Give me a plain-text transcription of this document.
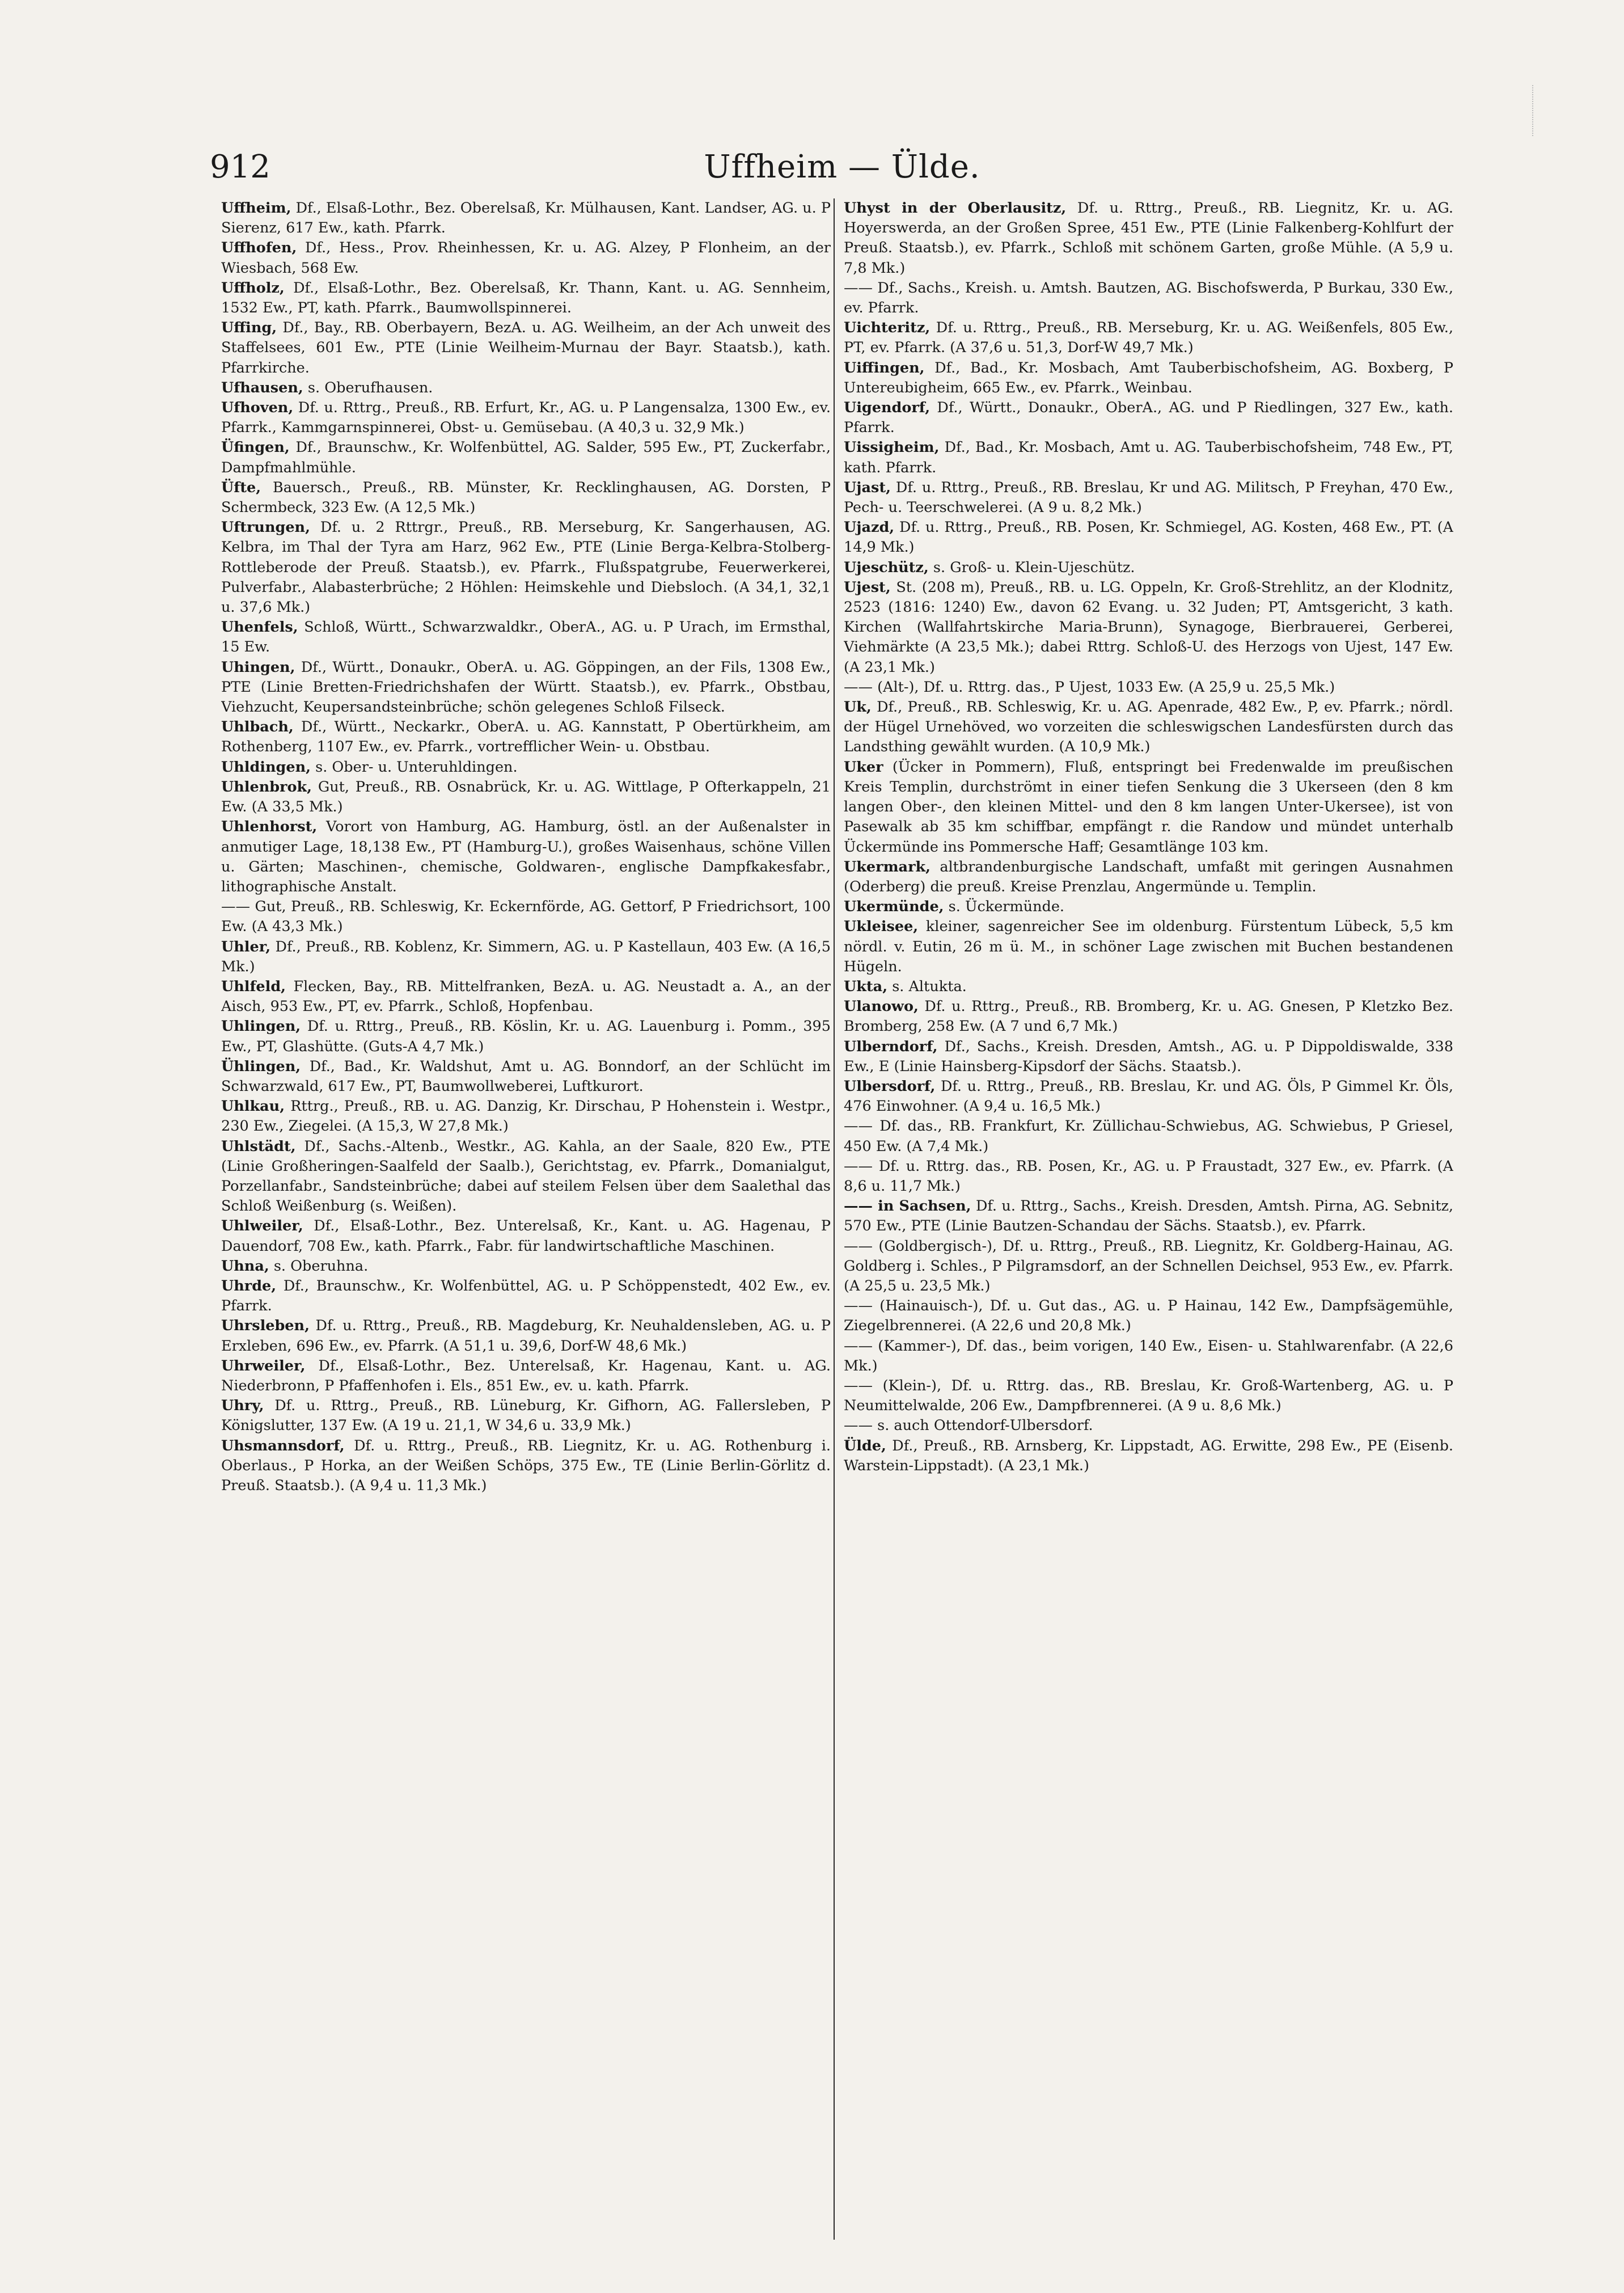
912	Uffheim — Ülde.

Uffheim, Df., Elsaß-Lothr., Bez. Oberelsaß, Kr. Mülhausen, Kant. Landser, AG. u. P Sierenz, 617 Ew., kath. Pfarrk.

Uffhofen, Df., Hess., Prov. Rheinhessen, Kr. u. AG. Alzey, P Flonheim, an der Wiesbach, 568 Ew.

Uffholz, Df., Elsaß-Lothr., Bez. Oberelsaß, Kr. Thann, Kant. u. AG. Sennheim, 1532 Ew., PT, kath. Pfarrk., Baumwollspinnerei.

Uffing, Df., Bay., RB. Oberbayern, BezA. u. AG. Weilheim, an der Ach unweit des Staffelsees, 601 Ew., PTE (Linie Weilheim-Murnau der Bayr. Staatsb.), kath. Pfarrkirche.

Ufhausen, s. Oberufhausen.

Ufhoven, Df. u. Rttrg., Preuß., RB. Erfurt, Kr., AG. u. P Langensalza, 1300 Ew., ev. Pfarrk., Kammgarnspinnerei, Obst- u. Gemüsebau. (A 40,3 u. 32,9 Mk.)

Üfingen, Df., Braunschw., Kr. Wolfenbüttel, AG. Salder, 595 Ew., PT, Zuckerfabr., Dampfmahlmühle.

Üfte, Bauersch., Preuß., RB. Münster, Kr. Recklinghausen, AG. Dorsten, P Schermbeck, 323 Ew. (A 12,5 Mk.)

Uftrungen, Df. u. 2 Rttrgr., Preuß., RB. Merseburg, Kr. Sangerhausen, AG. Kelbra, im Thal der Tyra am Harz, 962 Ew., PTE (Linie Berga-Kelbra-Stolberg-Rottleberode der Preuß. Staatsb.), ev. Pfarrk., Flußspatgrube, Feuerwerkerei, Pulverfabr., Alabasterbrüche; 2 Höhlen: Heimskehle und Diebsloch. (A 34,1, 32,1 u. 37,6 Mk.)

Uhenfels, Schloß, Württ., Schwarzwaldkr., OberA., AG. u. P Urach, im Ermsthal, 15 Ew.

Uhingen, Df., Württ., Donaukr., OberA. u. AG. Göppingen, an der Fils, 1308 Ew., PTE (Linie Bretten-Friedrichshafen der Württ. Staatsb.), ev. Pfarrk., Obstbau, Viehzucht, Keupersandsteinbrüche; schön gelegenes Schloß Filseck.

Uhlbach, Df., Württ., Neckarkr., OberA. u. AG. Kannstatt, P Obertürkheim, am Rothenberg, 1107 Ew., ev. Pfarrk., vortrefflicher Wein- u. Obstbau.

Uhldingen, s. Ober- u. Unteruhldingen.

Uhlenbrok, Gut, Preuß., RB. Osnabrück, Kr. u. AG. Wittlage, P Ofterkappeln, 21 Ew. (A 33,5 Mk.)

Uhlenhorst, Vorort von Hamburg, AG. Hamburg, östl. an der Außenalster in anmutiger Lage, 18,138 Ew., PT (Hamburg-U.), großes Waisenhaus, schöne Villen u. Gärten; Maschinen-, chemische, Goldwaren-, englische Dampfkakesfabr., lithographische Anstalt.

—— Gut, Preuß., RB. Schleswig, Kr. Eckernförde, AG. Gettorf, P Friedrichsort, 100 Ew. (A 43,3 Mk.)

Uhler, Df., Preuß., RB. Koblenz, Kr. Simmern, AG. u. P Kastellaun, 403 Ew. (A 16,5 Mk.)

Uhlfeld, Flecken, Bay., RB. Mittelfranken, BezA. u. AG. Neustadt a. A., an der Aisch, 953 Ew., PT, ev. Pfarrk., Schloß, Hopfenbau.

Uhlingen, Df. u. Rttrg., Preuß., RB. Köslin, Kr. u. AG. Lauenburg i. Pomm., 395 Ew., PT, Glashütte. (Guts-A 4,7 Mk.)

Ühlingen, Df., Bad., Kr. Waldshut, Amt u. AG. Bonndorf, an der Schlücht im Schwarzwald, 617 Ew., PT, Baumwollweberei, Luftkurort.

Uhlkau, Rttrg., Preuß., RB. u. AG. Danzig, Kr. Dirschau, P Hohenstein i. Westpr., 230 Ew., Ziegelei. (A 15,3, W 27,8 Mk.)

Uhlstädt, Df., Sachs.-Altenb., Westkr., AG. Kahla, an der Saale, 820 Ew., PTE (Linie Großheringen-Saalfeld der Saalb.), Gerichtstag, ev. Pfarrk., Domanialgut, Porzellanfabr., Sandsteinbrüche; dabei auf steilem Felsen über dem Saalethal das Schloß Weißenburg (s. Weißen).

Uhlweiler, Df., Elsaß-Lothr., Bez. Unterelsaß, Kr., Kant. u. AG. Hagenau, P Dauendorf, 708 Ew., kath. Pfarrk., Fabr. für landwirtschaftliche Maschinen.

Uhna, s. Oberuhna.

Uhrde, Df., Braunschw., Kr. Wolfenbüttel, AG. u. P Schöppenstedt, 402 Ew., ev. Pfarrk.

Uhrsleben, Df. u. Rttrg., Preuß., RB. Magdeburg, Kr. Neuhaldensleben, AG. u. P Erxleben, 696 Ew., ev. Pfarrk. (A 51,1 u. 39,6, Dorf-W 48,6 Mk.)

Uhrweiler, Df., Elsaß-Lothr., Bez. Unterelsaß, Kr. Hagenau, Kant. u. AG. Niederbronn, P Pfaffenhofen i. Els., 851 Ew., ev. u. kath. Pfarrk.

Uhry, Df. u. Rttrg., Preuß., RB. Lüneburg, Kr. Gifhorn, AG. Fallersleben, P Königslutter, 137 Ew. (A 19 u. 21,1, W 34,6 u. 33,9 Mk.)

Uhsmannsdorf, Df. u. Rttrg., Preuß., RB. Liegnitz, Kr. u. AG. Rothenburg i. Oberlaus., P Horka, an der Weißen Schöps, 375 Ew., TE (Linie Berlin-Görlitz d. Preuß. Staatsb.). (A 9,4 u. 11,3 Mk.)

Uhyst in der Oberlausitz, Df. u. Rttrg., Preuß., RB. Liegnitz, Kr. u. AG. Hoyerswerda, an der Großen Spree, 451 Ew., PTE (Linie Falkenberg-Kohlfurt der Preuß. Staatsb.), ev. Pfarrk., Schloß mit schönem Garten, große Mühle. (A 5,9 u. 7,8 Mk.)

—— Df., Sachs., Kreish. u. Amtsh. Bautzen, AG. Bischofswerda, P Burkau, 330 Ew., ev. Pfarrk.

Uichteritz, Df. u. Rttrg., Preuß., RB. Merseburg, Kr. u. AG. Weißenfels, 805 Ew., PT, ev. Pfarrk. (A 37,6 u. 51,3, Dorf-W 49,7 Mk.)

Uiffingen, Df., Bad., Kr. Mosbach, Amt Tauberbischofsheim, AG. Boxberg, P Untereubigheim, 665 Ew., ev. Pfarrk., Weinbau.

Uigendorf, Df., Württ., Donaukr., OberA., AG. und P Riedlingen, 327 Ew., kath. Pfarrk.

Uissigheim, Df., Bad., Kr. Mosbach, Amt u. AG. Tauberbischofsheim, 748 Ew., PT, kath. Pfarrk.

Ujast, Df. u. Rttrg., Preuß., RB. Breslau, Kr und AG. Militsch, P Freyhan, 470 Ew., Pech- u. Teerschwelerei. (A 9 u. 8,2 Mk.)

Ujazd, Df. u. Rttrg., Preuß., RB. Posen, Kr. Schmiegel, AG. Kosten, 468 Ew., PT. (A 14,9 Mk.)

Ujeschütz, s. Groß- u. Klein-Ujeschütz.

Ujest, St. (208 m), Preuß., RB. u. LG. Oppeln, Kr. Groß-Strehlitz, an der Klodnitz, 2523 (1816: 1240) Ew., davon 62 Evang. u. 32 Juden; PT, Amtsgericht, 3 kath. Kirchen (Wallfahrtskirche Maria-Brunn), Synagoge, Bierbrauerei, Gerberei, Viehmärkte (A 23,5 Mk.); dabei Rttrg. Schloß-U. des Herzogs von Ujest, 147 Ew. (A 23,1 Mk.)

—— (Alt-), Df. u. Rttrg. das., P Ujest, 1033 Ew. (A 25,9 u. 25,5 Mk.)

Uk, Df., Preuß., RB. Schleswig, Kr. u. AG. Apenrade, 482 Ew., P, ev. Pfarrk.; nördl. der Hügel Urnehöved, wo vorzeiten die schleswigschen Landesfürsten durch das Landsthing gewählt wurden. (A 10,9 Mk.)

Uker (Ücker in Pommern), Fluß, entspringt bei Fredenwalde im preußischen Kreis Templin, durchströmt in einer tiefen Senkung die 3 Ukerseen (den 8 km langen Ober-, den kleinen Mittel- und den 8 km langen Unter-Ukersee), ist von Pasewalk ab 35 km schiffbar, empfängt r. die Randow und mündet unterhalb Ückermünde ins Pommersche Haff; Gesamtlänge 103 km.

Ukermark, altbrandenburgische Landschaft, umfaßt mit geringen Ausnahmen (Oderberg) die preuß. Kreise Prenzlau, Angermünde u. Templin.

Ukermünde, s. Ückermünde.

Ukleisee, kleiner, sagenreicher See im oldenburg. Fürstentum Lübeck, 5,5 km nördl. v. Eutin, 26 m ü. M., in schöner Lage zwischen mit Buchen bestandenen Hügeln.

Ukta, s. Altukta.

Ulanowo, Df. u. Rttrg., Preuß., RB. Bromberg, Kr. u. AG. Gnesen, P Kletzko Bez. Bromberg, 258 Ew. (A 7 und 6,7 Mk.)

Ulberndorf, Df., Sachs., Kreish. Dresden, Amtsh., AG. u. P Dippoldiswalde, 338 Ew., E (Linie Hainsberg-Kipsdorf der Sächs. Staatsb.).

Ulbersdorf, Df. u. Rttrg., Preuß., RB. Breslau, Kr. und AG. Öls, P Gimmel Kr. Öls, 476 Einwohner. (A 9,4 u. 16,5 Mk.)

—— Df. das., RB. Frankfurt, Kr. Züllichau-Schwiebus, AG. Schwiebus, P Griesel, 450 Ew. (A 7,4 Mk.)

—— Df. u. Rttrg. das., RB. Posen, Kr., AG. u. P Fraustadt, 327 Ew., ev. Pfarrk. (A 8,6 u. 11,7 Mk.)

—— in Sachsen, Df. u. Rttrg., Sachs., Kreish. Dresden, Amtsh. Pirna, AG. Sebnitz, 570 Ew., PTE (Linie Bautzen-Schandau der Sächs. Staatsb.), ev. Pfarrk.

—— (Goldbergisch-), Df. u. Rttrg., Preuß., RB. Liegnitz, Kr. Goldberg-Hainau, AG. Goldberg i. Schles., P Pilgramsdorf, an der Schnellen Deichsel, 953 Ew., ev. Pfarrk. (A 25,5 u. 23,5 Mk.)

—— (Hainauisch-), Df. u. Gut das., AG. u. P Hainau, 142 Ew., Dampfsägemühle, Ziegelbrennerei. (A 22,6 und 20,8 Mk.)

—— (Kammer-), Df. das., beim vorigen, 140 Ew., Eisen- u. Stahlwarenfabr. (A 22,6 Mk.)

—— (Klein-), Df. u. Rttrg. das., RB. Breslau, Kr. Groß-Wartenberg, AG. u. P Neumittelwalde, 206 Ew., Dampfbrennerei. (A 9 u. 8,6 Mk.)

—— s. auch Ottendorf-Ulbersdorf.

Ülde, Df., Preuß., RB. Arnsberg, Kr. Lippstadt, AG. Erwitte, 298 Ew., PE (Eisenb. Warstein-Lippstadt). (A 23,1 Mk.)
